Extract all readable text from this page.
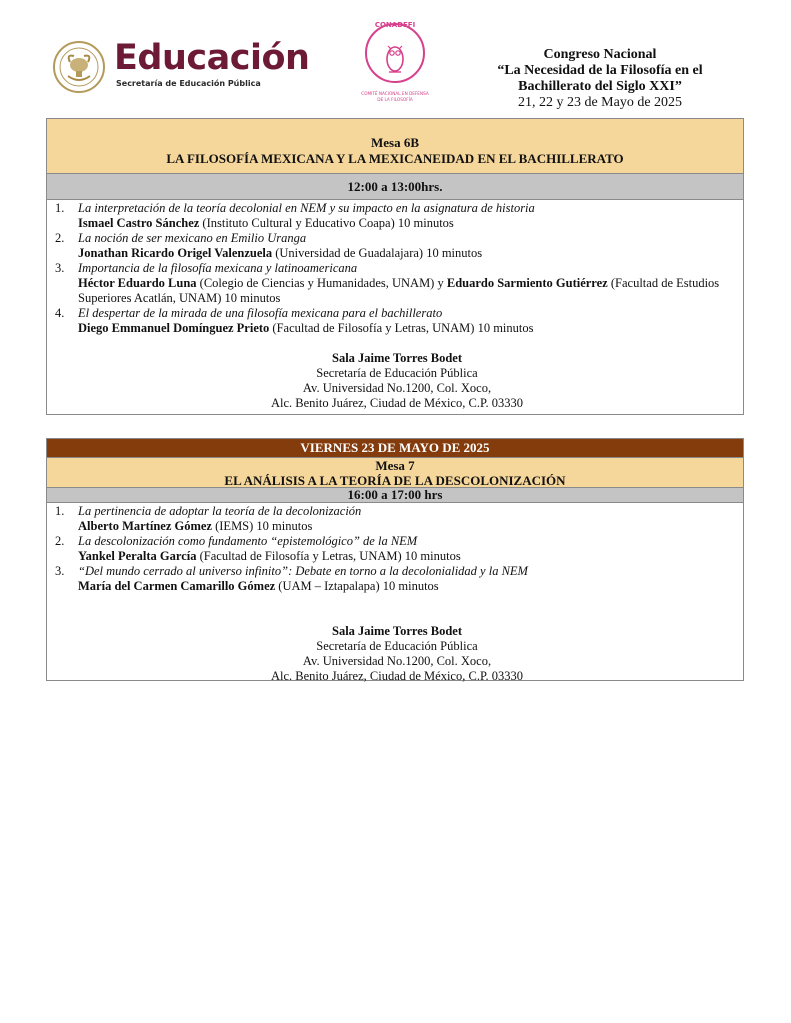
Educación
Secretaría de Educación Pública
CONADEFI
COMITÉ NACIONAL EN DEFENSA
DE LA FILOSOFÍA
Congreso Nacional
“La Necesidad de la Filosofía en el
Bachillerato del Siglo XXI”
21, 22 y 23 de Mayo de 2025
Mesa 6B
LA FILOSOFÍA MEXICANA Y LA MEXICANEIDAD EN EL BACHILLERATO
12:00 a 13:00hrs.
1.	La interpretación de la teoría decolonial en NEM y su impacto en la asignatura de historia
Ismael Castro Sánchez (Instituto Cultural y Educativo Coapa) 10 minutos
2.	La noción de ser mexicano en Emilio Uranga
Jonathan Ricardo Origel Valenzuela (Universidad de Guadalajara) 10 minutos
3.	Importancia de la filosofía mexicana y latinoamericana
Héctor Eduardo Luna (Colegio de Ciencias y Humanidades, UNAM) y Eduardo Sarmiento Gutiérrez (Facultad de Estudios Superiores Acatlán, UNAM) 10 minutos
4.	El despertar de la mirada de una filosofía mexicana para el bachillerato
Diego Emmanuel Domínguez Prieto (Facultad de Filosofía y Letras, UNAM) 10 minutos
Sala Jaime Torres Bodet
Secretaría de Educación Pública
Av. Universidad No.1200, Col. Xoco,
Alc. Benito Juárez, Ciudad de México, C.P. 03330
VIERNES 23 DE MAYO DE 2025
Mesa 7
EL ANÁLISIS A LA TEORÍA DE LA DESCOLONIZACIÓN
16:00 a 17:00 hrs
1.	La pertinencia de adoptar la teoría de la decolonización
Alberto Martínez Gómez (IEMS) 10 minutos
2.	La descolonización como fundamento “epistemológico” de la NEM
Yankel Peralta García (Facultad de Filosofía y Letras, UNAM) 10 minutos
3.	“Del mundo cerrado al universo infinito”: Debate en torno a la decolonialidad y la NEM
María del Carmen Camarillo Gómez (UAM – Iztapalapa) 10 minutos
Sala Jaime Torres Bodet
Secretaría de Educación Pública
Av. Universidad No.1200, Col. Xoco,
Alc. Benito Juárez, Ciudad de México, C.P. 03330
